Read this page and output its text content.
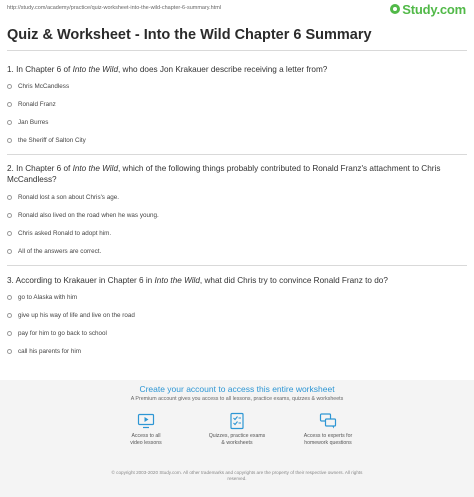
http://study.com/academy/practice/quiz-worksheet-into-the-wild-chapter-6-summary.html	Study.com
Quiz & Worksheet - Into the Wild Chapter 6 Summary
1. In Chapter 6 of Into the Wild, who does Jon Krakauer describe receiving a letter from?
Chris McCandless
Ronald Franz
Jan Burres
the Sheriff of Salton City
2. In Chapter 6 of Into the Wild, which of the following things probably contributed to Ronald Franz's attachment to Chris McCandless?
Ronald lost a son about Chris's age.
Ronald also lived on the road when he was young.
Chris asked Ronald to adopt him.
All of the answers are correct.
3. According to Krakauer in Chapter 6 in Into the Wild, what did Chris try to convince Ronald Franz to do?
go to Alaska with him
give up his way of life and live on the road
pay for him to go back to school
call his parents for him
Create your account to access this entire worksheet
A Premium account gives you access to all lessons, practice exams, quizzes & worksheets
Access to all
video lessons
Quizzes, practice exams
& worksheets
Access to experts for
homework questions
© copyright 2003-2020 Study.com. All other trademarks and copyrights are the property of their respective owners. All rights
reserved.
